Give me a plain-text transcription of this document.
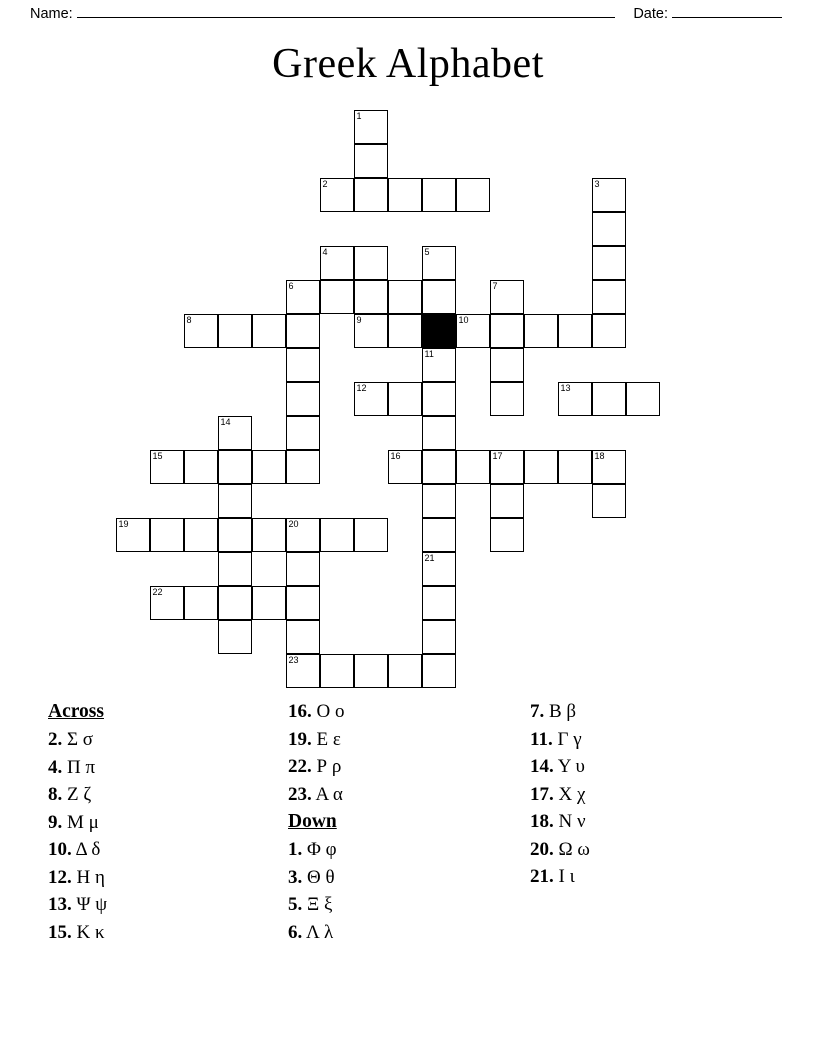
Name:	Date:
Greek Alphabet
1
2	3
4	5
6	7
8	9	10
11
12	13
14
15	16	17	18
19	20
21
22
23
Across
2. Σ σ
4. Π π
8. Ζ ζ
9. Μ μ
10. Δ δ
12. Η η
13. Ψ ψ
15. Κ κ
16. Ο ο
19. Ε ε
22. Ρ ρ
23. Α α
Down
1. Φ φ
3. Θ θ
5. Ξ ξ
6. Λ λ
7. Β β
11. Γ γ
14. Υ υ
17. Χ χ
18. Ν ν
20. Ω ω
21. Ι ι
